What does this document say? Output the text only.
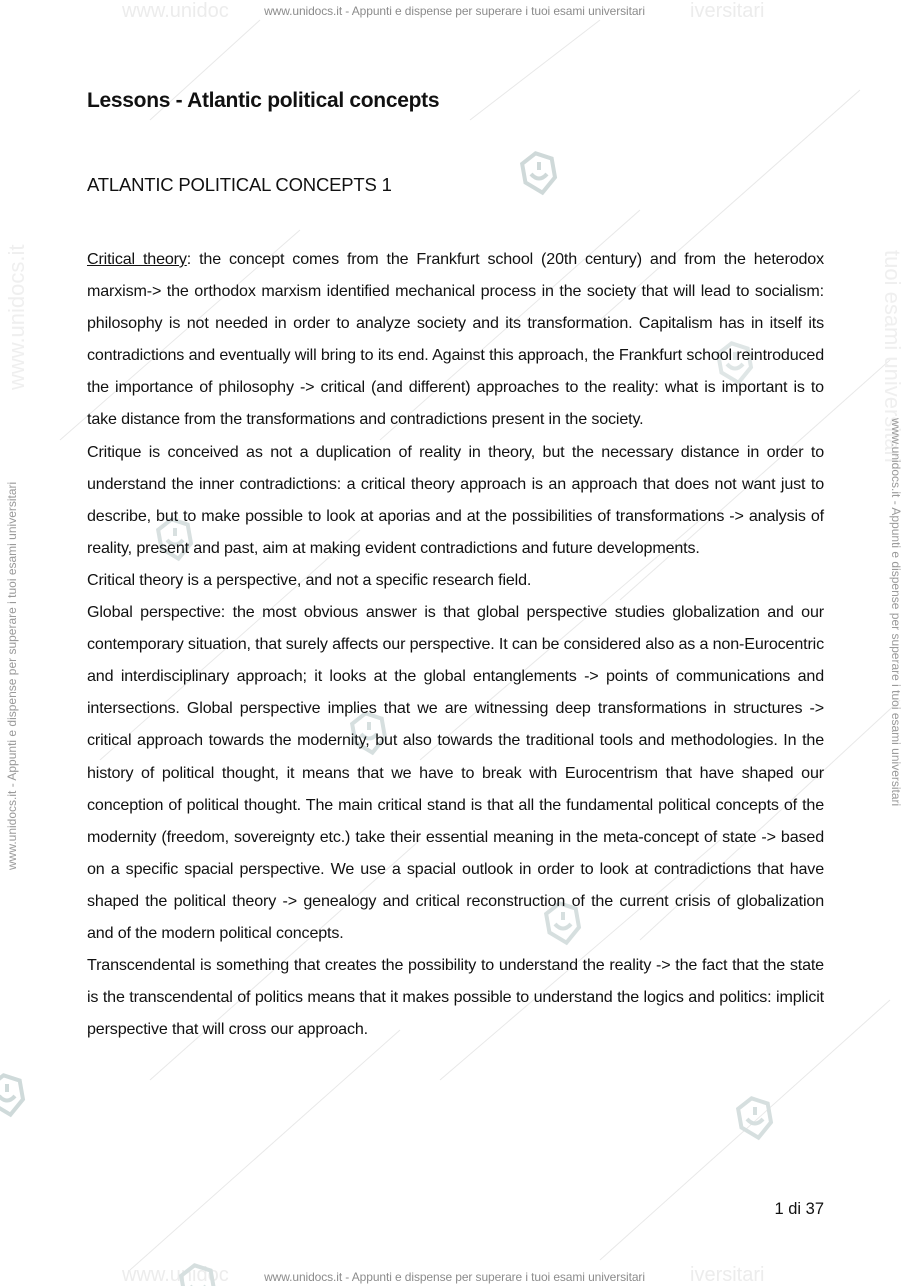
www.unidoc	iversitari
www.unidoc	iversitari
www.unidocs.it	tuoi esami universitari
www.unidocs.it - Appunti e dispense per superare i tuoi esami universitari
www.unidocs.it - Appunti e dispense per superare i tuoi esami universitari
www.unidocs.it - Appunti e dispense per superare i tuoi esami universitari	www.unidocs.it - Appunti e dispense per superare i tuoi esami universitari
Lessons - Atlantic political concepts
ATLANTIC POLITICAL CONCEPTS 1

Critical theory: the concept comes from the Frankfurt school (20th century) and from the heterodox marxism-> the orthodox marxism identified mechanical process in the society that will lead to socialism: philosophy is not needed in order to analyze society and its transformation. Capitalism has in itself its contradictions and eventually will bring to its end. Against this approach, the Frankfurt school reintroduced the importance of philosophy -> critical (and different) approaches to the reality: what is important is to take distance from the transformations and contradictions present in the society.

Critique is conceived as not a duplication of reality in theory, but the necessary distance in order to understand the inner contradictions: a critical theory approach is an approach that does not want just to describe, but to make possible to look at aporias and at the possibilities of transformations -> analysis of reality, present and past, aim at making evident contradictions and future developments.

Critical theory is a perspective, and not a specific research field.

Global perspective: the most obvious answer is that global perspective studies globalization and our contemporary situation, that surely affects our perspective. It can be considered also as a non-Eurocentric and interdisciplinary approach; it looks at the global entanglements -> points of communications and intersections. Global perspective implies that we are witnessing deep transformations in structures -> critical approach towards the modernity, but also towards the traditional tools and methodologies. In the history of political thought, it means that we have to break with Eurocentrism that have shaped our conception of political thought. The main critical stand is that all the fundamental political concepts of the modernity (freedom, sovereignty etc.) take their essential meaning in the meta-concept of state -> based on a specific spacial perspective. We use a spacial outlook in order to look at contradictions that have shaped the political theory -> genealogy and critical reconstruction of the current crisis of globalization and of the modern political concepts.

Transcendental is something that creates the possibility to understand the reality -> the fact that the state is the transcendental of politics means that it makes possible to understand the logics and politics: implicit perspective that will cross our approach.

1 di 37
